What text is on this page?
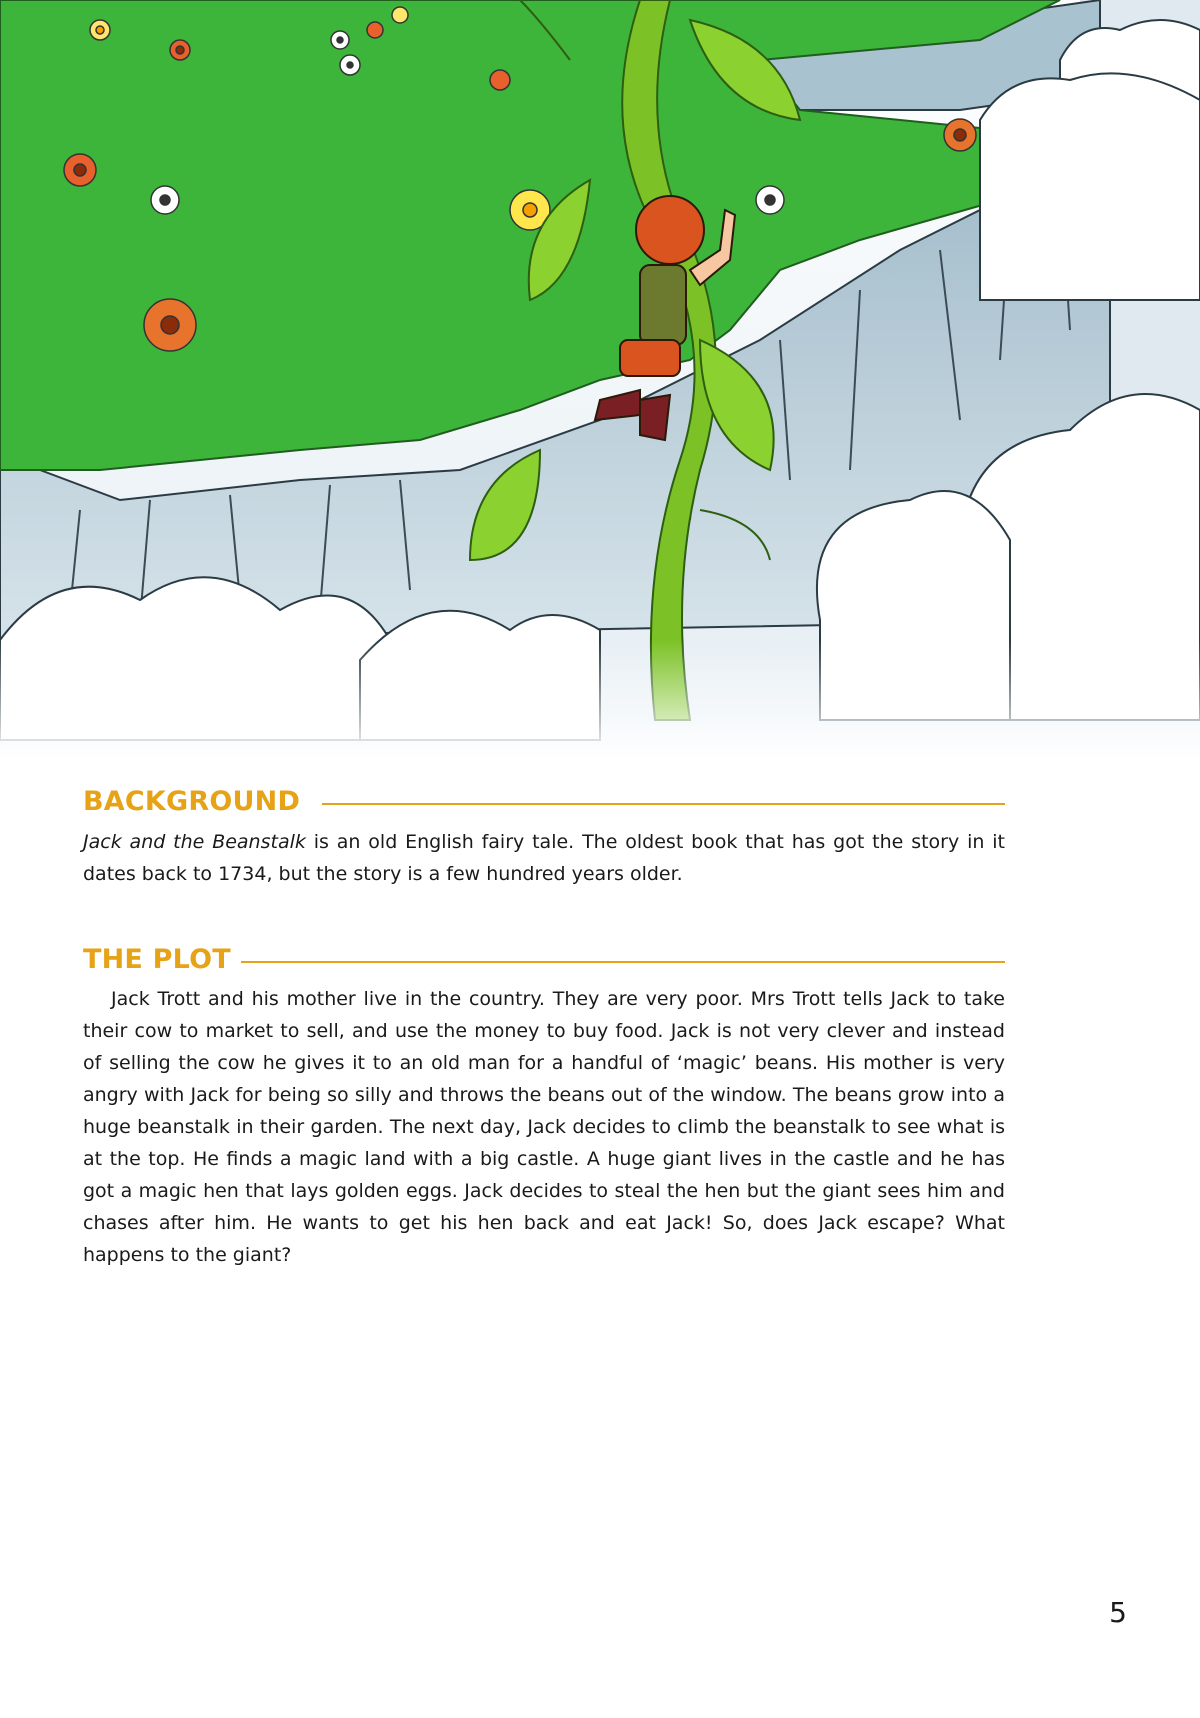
BACKGROUND

Jack and the Beanstalk is an old English fairy tale. The oldest book that has got the story in it dates back to 1734, but the story is a few hundred years older.

THE PLOT

Jack Trott and his mother live in the country. They are very poor. Mrs Trott tells Jack to take their cow to market to sell, and use the money to buy food. Jack is not very clever and instead of selling the cow he gives it to an old man for a handful of ‘magic’ beans. His mother is very angry with Jack for being so silly and throws the beans out of the window. The beans grow into a huge beanstalk in their garden. The next day, Jack decides to climb the beanstalk to see what is at the top. He finds a magic land with a big castle. A huge giant lives in the castle and he has got a magic hen that lays golden eggs. Jack decides to steal the hen but the giant sees him and chases after him. He wants to get his hen back and eat Jack! So, does Jack escape? What happens to the giant?

5
